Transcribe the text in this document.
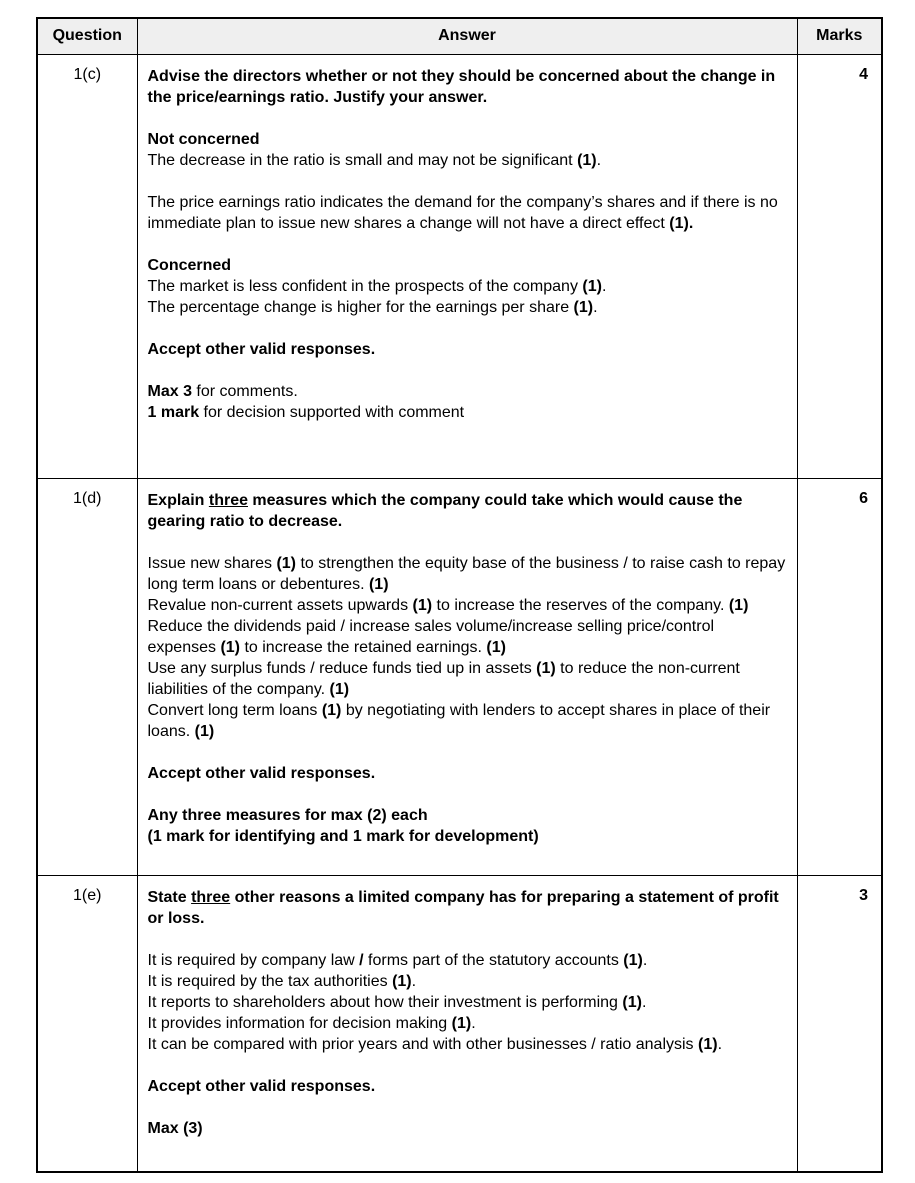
Question	Answer	Marks
1(c)	Advise the directors whether or not they should be concerned about the change in the price/earnings ratio. Justify your answer.

Not concerned
The decrease in the ratio is small and may not be significant (1).

The price earnings ratio indicates the demand for the company’s shares and if there is no immediate plan to issue new shares a change will not have a direct effect (1).

Concerned
The market is less confident in the prospects of the company (1).
The percentage change is higher for the earnings per share (1).

Accept other valid responses.

Max 3 for comments.
1 mark for decision supported with comment
	4
1(d)	Explain three measures which the company could take which would cause the gearing ratio to decrease.

Issue new shares (1) to strengthen the equity base of the business / to raise cash to repay long term loans or debentures. (1)
Revalue non-current assets upwards (1) to increase the reserves of the company. (1)
Reduce the dividends paid / increase sales volume/increase selling price/control expenses (1) to increase the retained earnings. (1)
Use any surplus funds / reduce funds tied up in assets (1) to reduce the non-current liabilities of the company. (1)
Convert long term loans (1) by negotiating with lenders to accept shares in place of their loans. (1)

Accept other valid responses.

Any three measures for max (2) each
(1 mark for identifying and 1 mark for development)
	6
1(e)	State three other reasons a limited company has for preparing a statement of profit or loss.

It is required by company law / forms part of the statutory accounts (1).
It is required by the tax authorities (1).
It reports to shareholders about how their investment is performing (1).
It provides information for decision making (1).
It can be compared with prior years and with other businesses / ratio analysis (1).

Accept other valid responses.

Max (3)
	3
